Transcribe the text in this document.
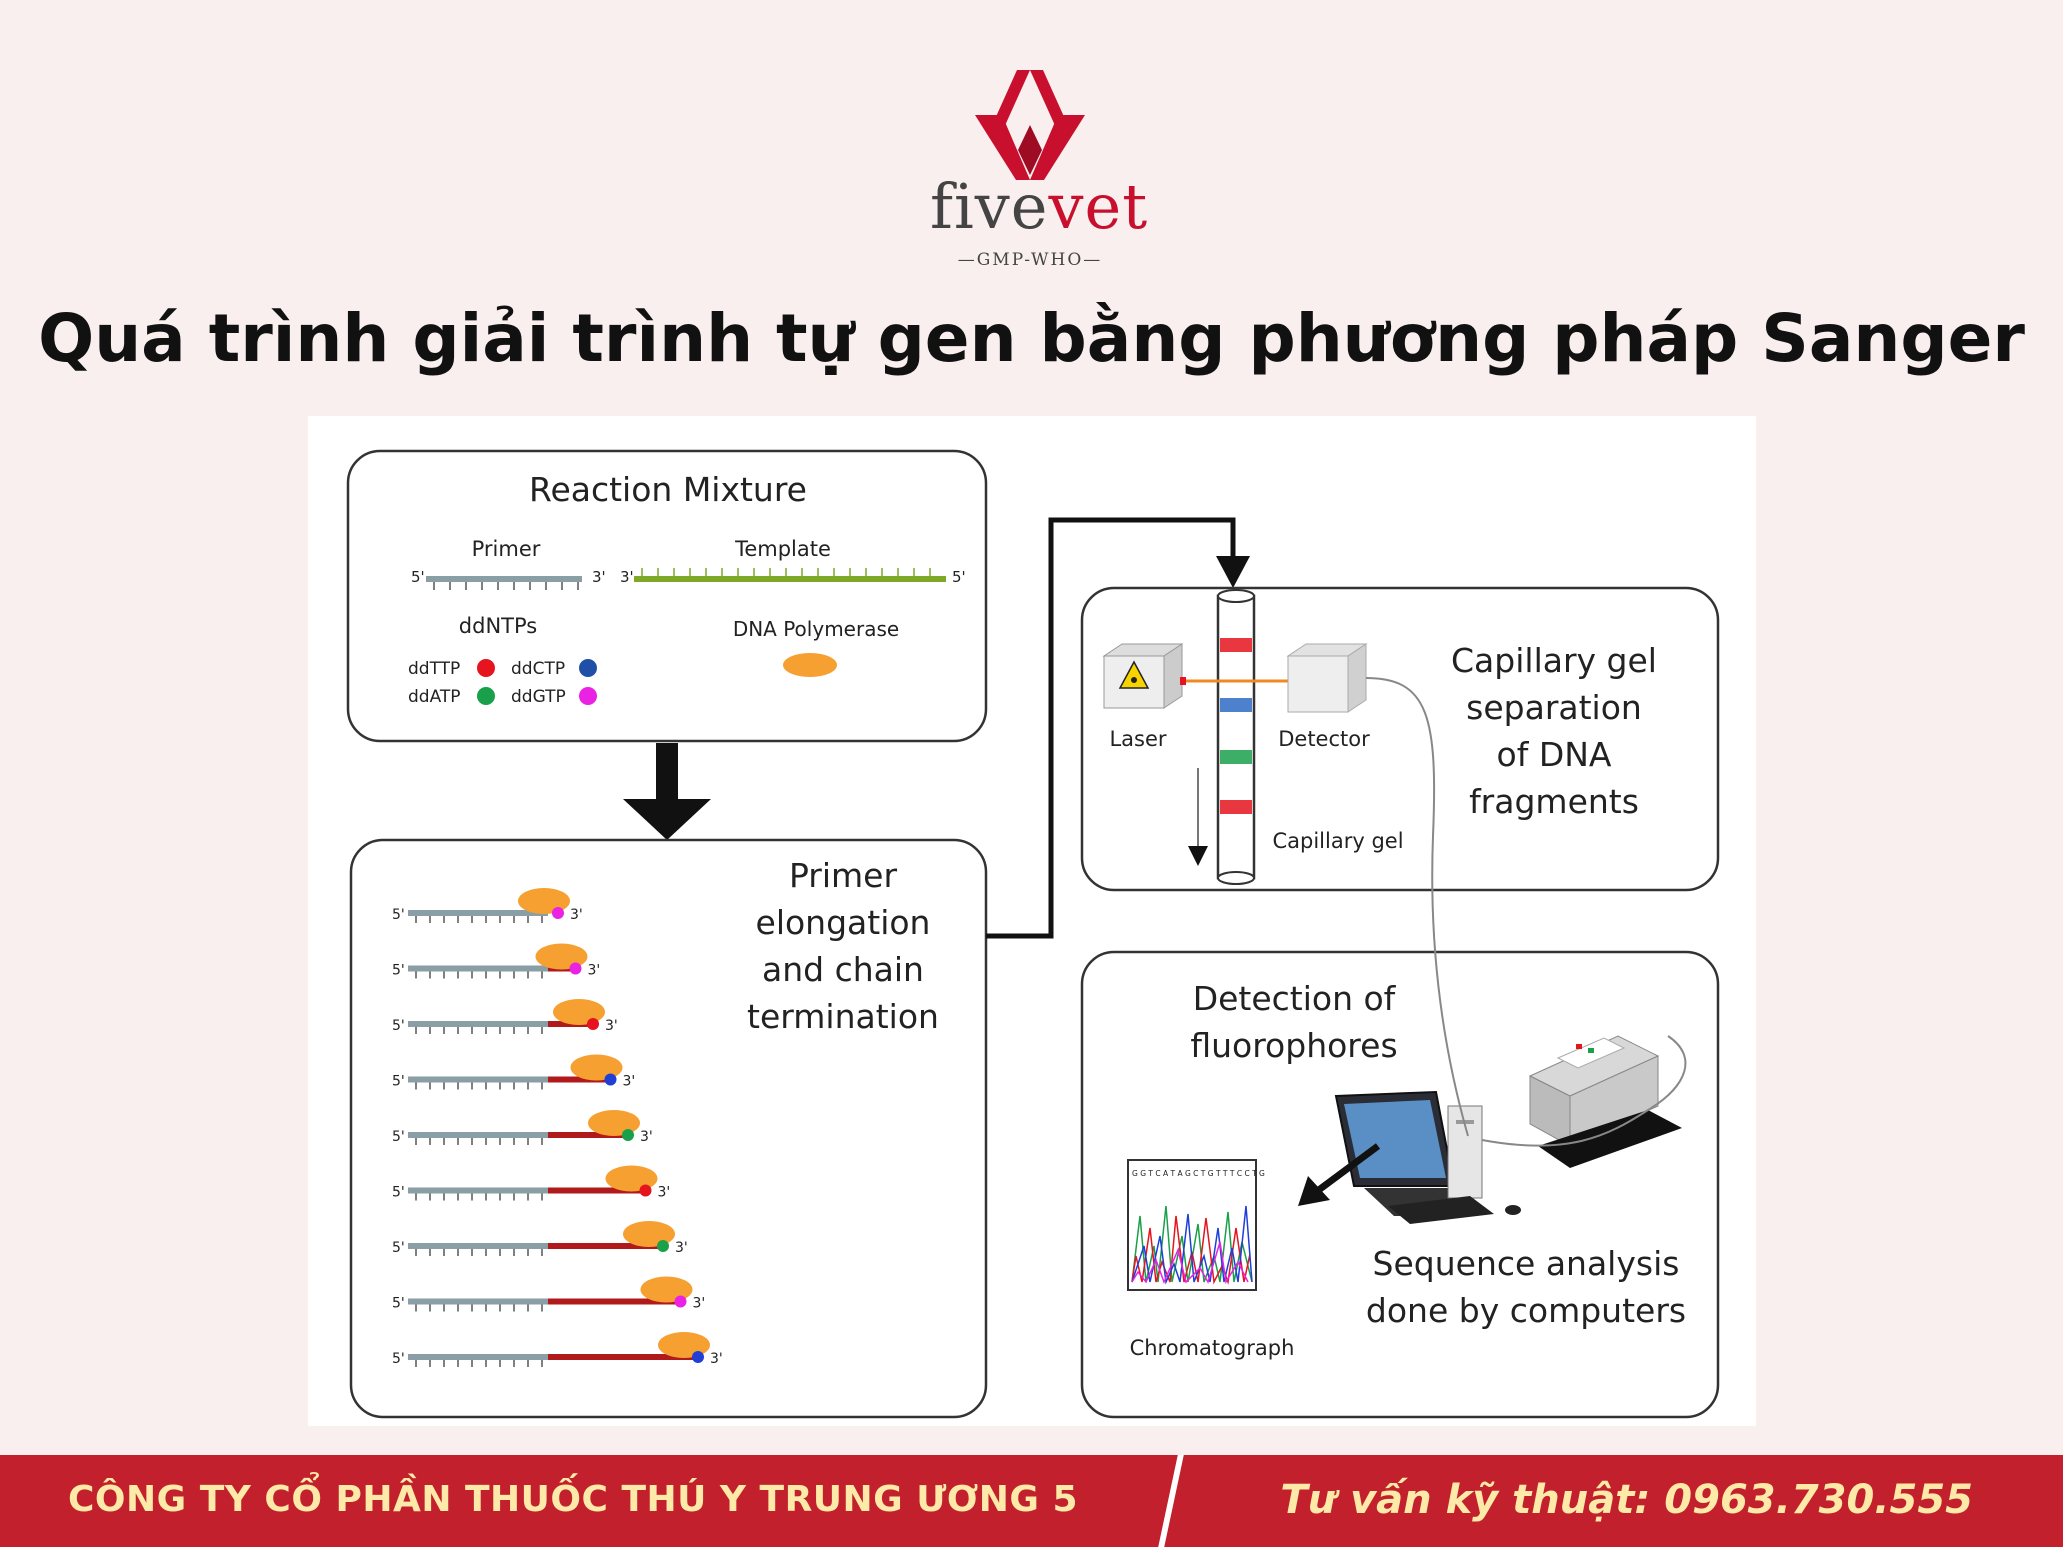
fivevet
—GMP-WHO—
Quá trình giải trình tự gen bằng phương pháp Sanger
Reaction Mixture
Primer	Template
5'	3' 3'	5'
ddNTPs	DNA Polymerase
ddTTP	ddCTP
ddATP	ddGTP
Primer
elongation
and chain
termination
5'	3'
5'	3'
5'	3'
5'	3'
5'	3'
5'	3'
5'	3'
5'	3'
5'	3'
Laser	Detector
Capillary gel
Capillary gel
separation
of DNA
fragments
Detection of
fluorophores
G G T C A T A G C T G T T T C C T G
Chromatograph
Sequence analysis
done by computers
CÔNG TY CỔ PHẦN THUỐC THÚ Y TRUNG ƯƠNG 5	Tư vấn kỹ thuật: 0963.730.555
